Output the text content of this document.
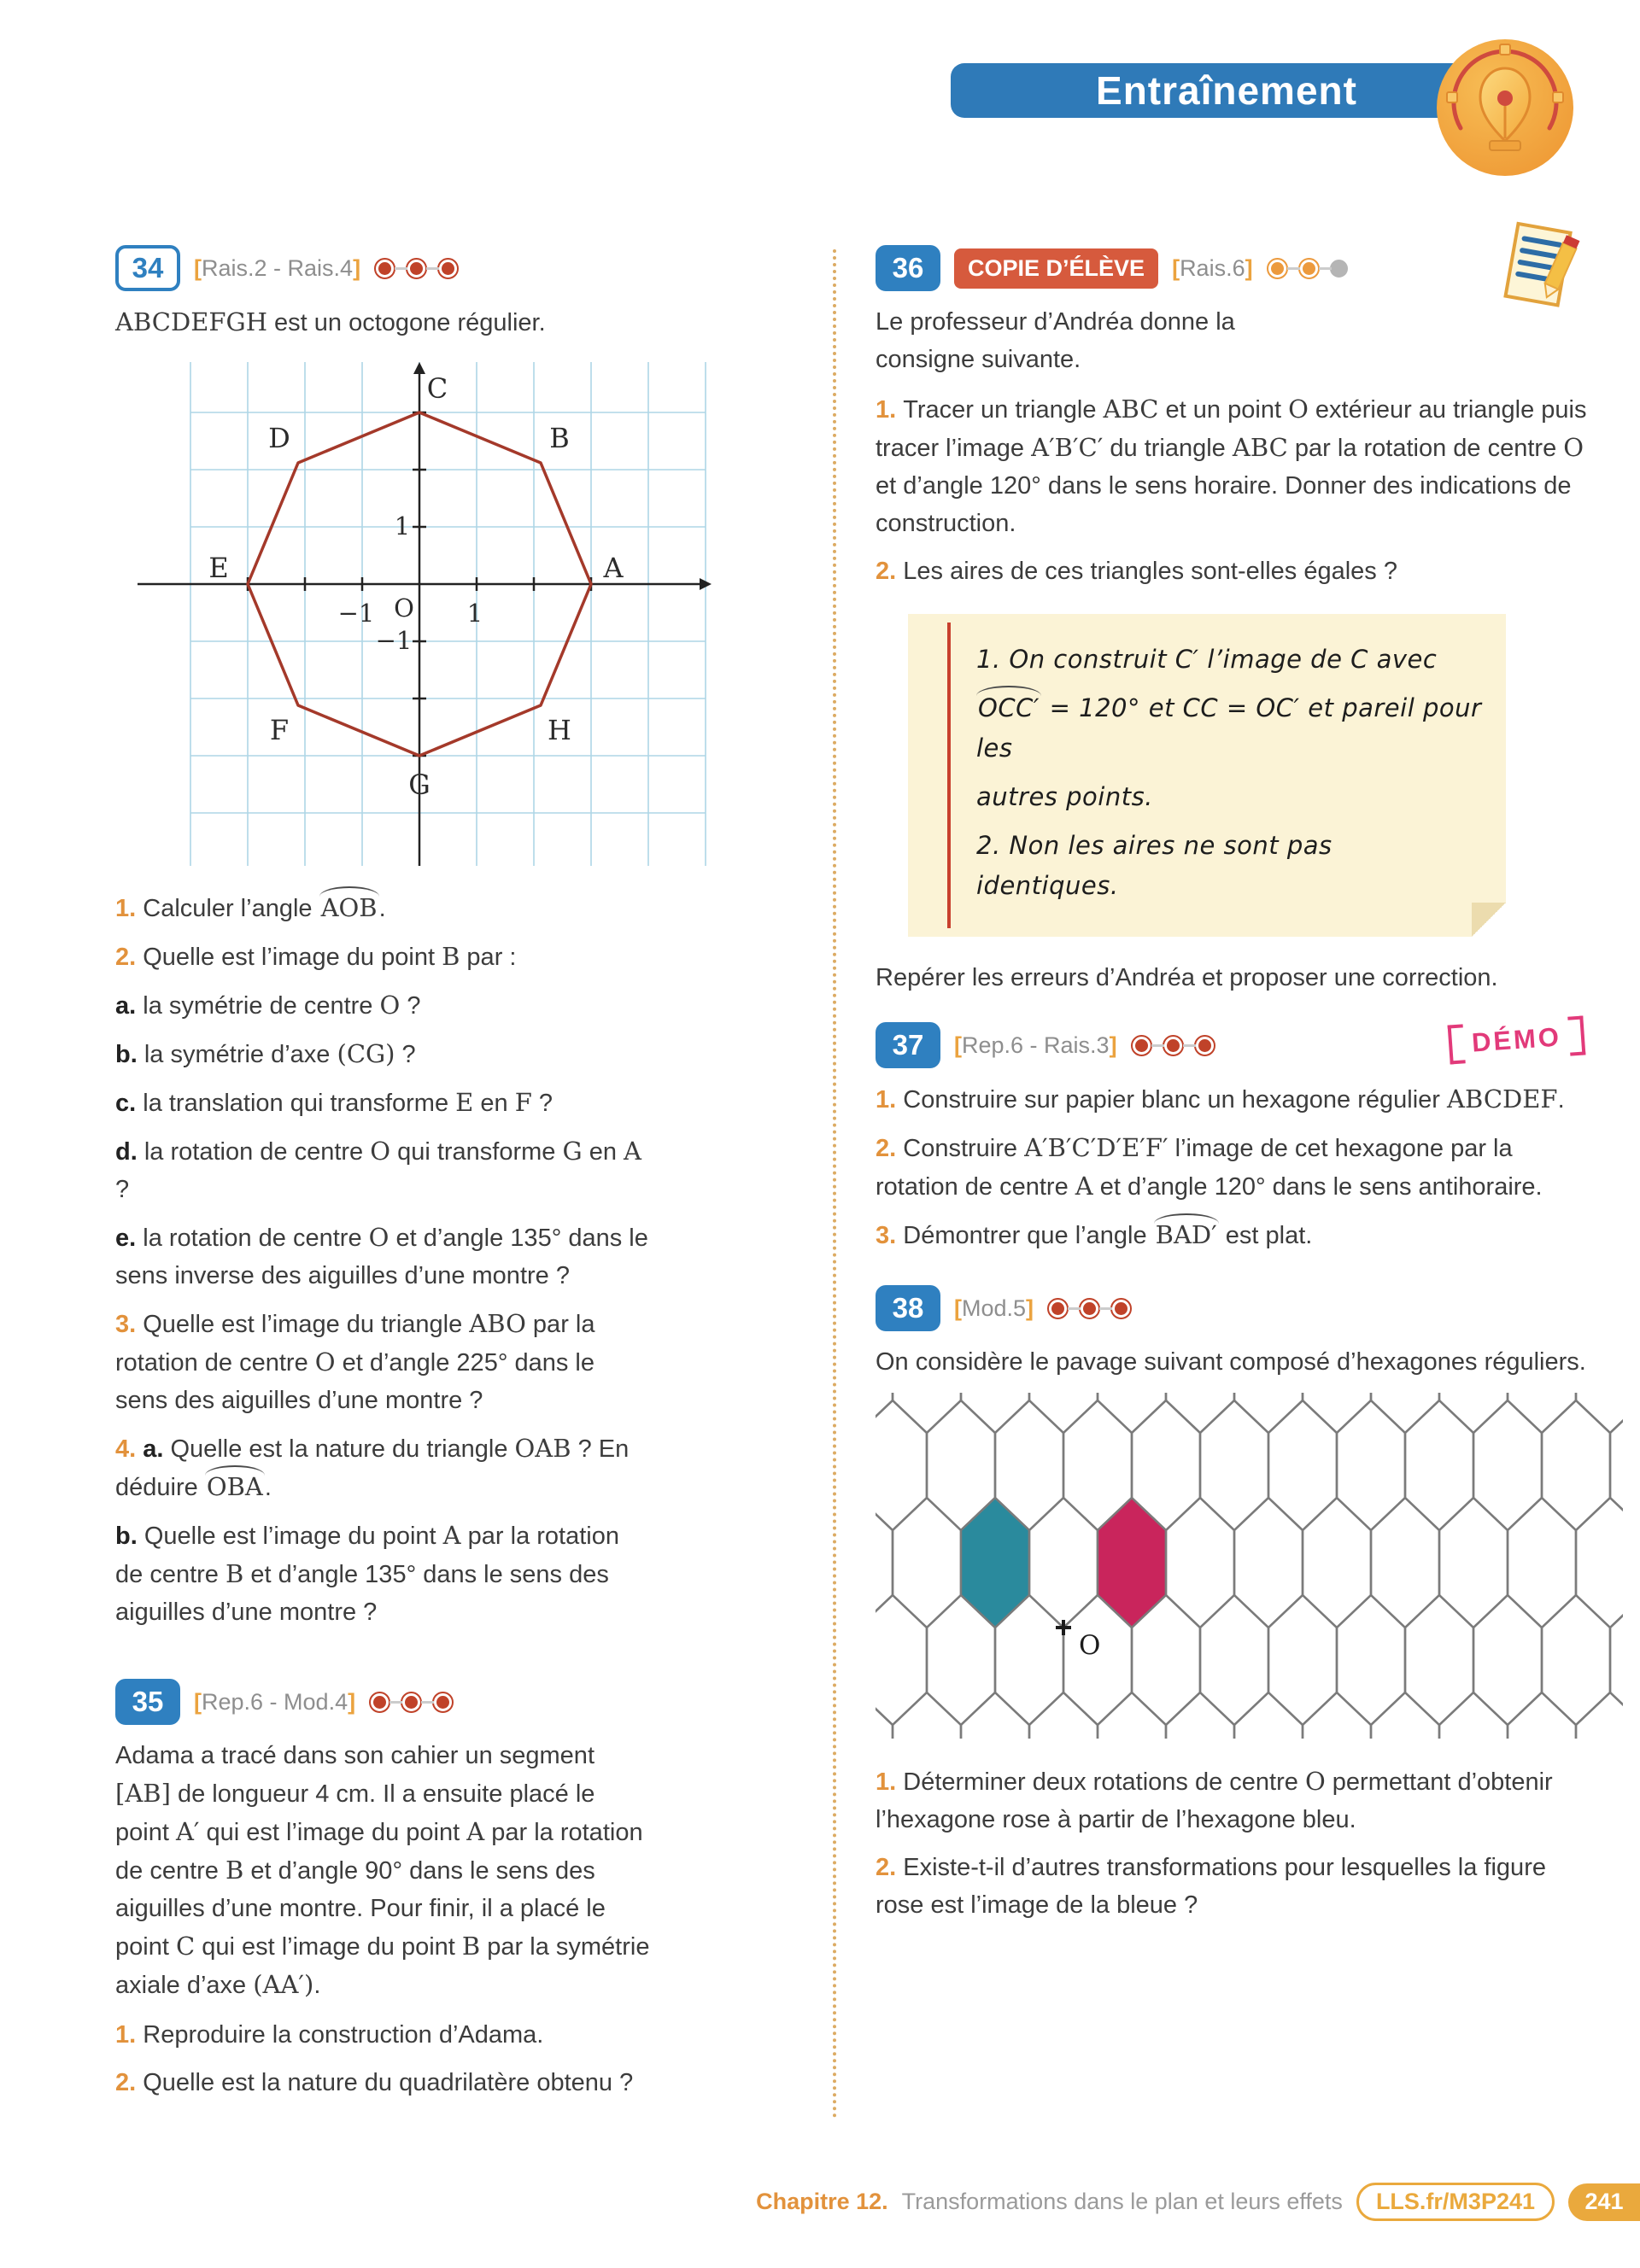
Entraînement
34	[Rais.2 - Rais.4]

ABCDEFGH est un octogone régulier.

A
B
C
D
E
F
G
H
O
−1	1
1
−1

1. Calculer l’angle AOB.

2. Quelle est l’image du point B par :

a. la symétrie de centre O ?

b. la symétrie d’axe (CG) ?

c. la translation qui transforme E en F ?

d. la rotation de centre O qui transforme G en A ?

e. la rotation de centre O et d’angle 135° dans le sens inverse des aiguilles d’une montre ?

3. Quelle est l’image du triangle ABO par la rotation de centre O et d’angle 225° dans le sens des aiguilles d’une montre ?

4. a. Quelle est la nature du triangle OAB ? En déduire OBA.

b. Quelle est l’image du point A par la rotation de centre B et d’angle 135° dans le sens des aiguilles d’une montre ?

35	[Rep.6 - Mod.4]

Adama a tracé dans son cahier un segment [AB] de longueur 4 cm. Il a ensuite placé le point A′ qui est l’image du point A par la rotation de centre B et d’angle 90° dans le sens des aiguilles d’une montre. Pour finir, il a placé le point C qui est l’image du point B par la symétrie axiale d’axe (AA′).

1. Reproduire la construction d’Adama.

2. Quelle est la nature du quadrilatère obtenu ?

36	COPIE D’ÉLÈVE	[Rais.6]

Le professeur d’Andréa donne la consigne suivante.

1. Tracer un triangle ABC et un point O extérieur au triangle puis tracer l’image A′B′C′ du triangle ABC par la rotation de centre O et d’angle 120° dans le sens horaire. Donner des indications de construction.

2. Les aires de ces triangles sont-elles égales ?

1. On construit C′ l’image de C avec

OCC′ = 120° et CC = OC′ et pareil pour les

autres points.

2. Non les aires ne sont pas identiques.

Repérer les erreurs d’Andréa et proposer une correction.

37	[Rep.6 - Rais.3]	DÉMO

1. Construire sur papier blanc un hexagone régulier ABCDEF.

2. Construire A′B′C′D′E′F′ l’image de cet hexagone par la rotation de centre A et d’angle 120° dans le sens antihoraire.

3. Démontrer que l’angle BAD′ est plat.

38	[Mod.5]

On considère le pavage suivant composé d’hexagones réguliers.

O

1. Déterminer deux rotations de centre O permettant d’obtenir l’hexagone rose à partir de l’hexagone bleu.

2. Existe-t-il d’autres transformations pour lesquelles la figure rose est l’image de la bleue ?

Chapitre 12. Transformations dans le plan et leurs effets	LLS.fr/M3P241	241
